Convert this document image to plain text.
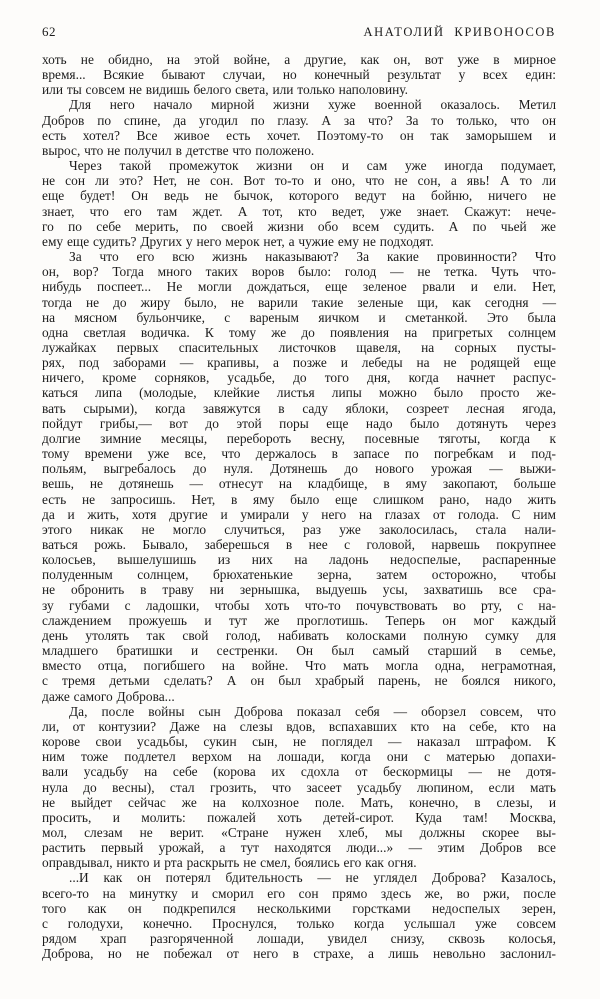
62	АНАТОЛИЙ КРИВОНОСОВ
хоть не обидно, на этой войне, а другие, как он, вот уже в мирное
время... Всякие бывают случаи, но конечный результат у всех един:
или ты совсем не видишь белого света, или только наполовину.
Для него начало мирной жизни хуже военной оказалось. Метил
Добров по спине, да угодил по глазу. А за что? За то только, что он
есть хотел? Все живое есть хочет. Поэтому-то он так заморышем и
вырос, что не получил в детстве что положено.
Через такой промежуток жизни он и сам уже иногда подумает,
не сон ли это? Нет, не сон. Вот то-то и оно, что не сон, а явь! А то ли
еще будет! Он ведь не бычок, которого ведут на бойню, ничего не
знает, что его там ждет. А тот, кто ведет, уже знает. Скажут: нече-
го по себе мерить, по своей жизни обо всем судить. А по чьей же
ему еще судить? Других у него мерок нет, а чужие ему не подходят.
За что его всю жизнь наказывают? За какие провинности? Что
он, вор? Тогда много таких воров было: голод — не тетка. Чуть что-
нибудь поспеет... Не могли дождаться, еще зеленое рвали и ели. Нет,
тогда не до жиру было, не варили такие зеленые щи, как сегодня —
на мясном бульончике, с вареным яичком и сметанкой. Это была
одна светлая водичка. К тому же до появления на пригретых солнцем
лужайках первых спасительных листочков щавеля, на сорных пусты-
рях, под заборами — крапивы, а позже и лебеды на не родящей еще
ничего, кроме сорняков, усадьбе, до того дня, когда начнет распус-
каться липа (молодые, клейкие листья липы можно было просто же-
вать сырыми), когда завяжутся в саду яблоки, созреет лесная ягода,
пойдут грибы,— вот до этой поры еще надо было дотянуть через
долгие зимние месяцы, перебороть весну, посевные тяготы, когда к
тому времени уже все, что держалось в запасе по погребкам и под-
польям, выгребалось до нуля. Дотянешь до нового урожая — выжи-
вешь, не дотянешь — отнесут на кладбище, в яму закопают, больше
есть не запросишь. Нет, в яму было еще слишком рано, надо жить
да и жить, хотя другие и умирали у него на глазах от голода. С ним
этого никак не могло случиться, раз уже заколосилась, стала нали-
ваться рожь. Бывало, заберешься в нее с головой, нарвешь покрупнее
колосьев, вышелушишь из них на ладонь недоспелые, распаренные
полуденным солнцем, брюхатенькие зерна, затем осторожно, чтобы
не обронить в траву ни зернышка, выдуешь усы, захватишь все сра-
зу губами с ладошки, чтобы хоть что-то почувствовать во рту, с на-
слаждением прожуешь и тут же проглотишь. Теперь он мог каждый
день утолять так свой голод, набивать колосками полную сумку для
младшего братишки и сестренки. Он был самый старший в семье,
вместо отца, погибшего на войне. Что мать могла одна, неграмотная,
с тремя детьми сделать? А он был храбрый парень, не боялся никого,
даже самого Доброва...
Да, после войны сын Доброва показал себя — оборзел совсем, что
ли, от контузии? Даже на слезы вдов, вспахавших кто на себе, кто на
корове свои усадьбы, сукин сын, не поглядел — наказал штрафом. К
ним тоже подлетел верхом на лошади, когда они с матерью допахи-
вали усадьбу на себе (корова их сдохла от бескормицы — не дотя-
нула до весны), стал грозить, что засеет усадьбу люпином, если мать
не выйдет сейчас же на колхозное поле. Мать, конечно, в слезы, и
просить, и молить: пожалей хоть детей-сирот. Куда там! Москва,
мол, слезам не верит. «Стране нужен хлеб, мы должны скорее вы-
растить первый урожай, а тут находятся люди...» — этим Добров все
оправдывал, никто и рта раскрыть не смел, боялись его как огня.
...И как он потерял бдительность — не углядел Доброва? Казалось,
всего-то на минутку и сморил его сон прямо здесь же, во ржи, после
того как он подкрепился несколькими горстками недоспелых зерен,
с голодухи, конечно. Проснулся, только когда услышал уже совсем
рядом храп разгоряченной лошади, увидел снизу, сквозь колосья,
Доброва, но не побежал от него в страхе, а лишь невольно заслонил-
